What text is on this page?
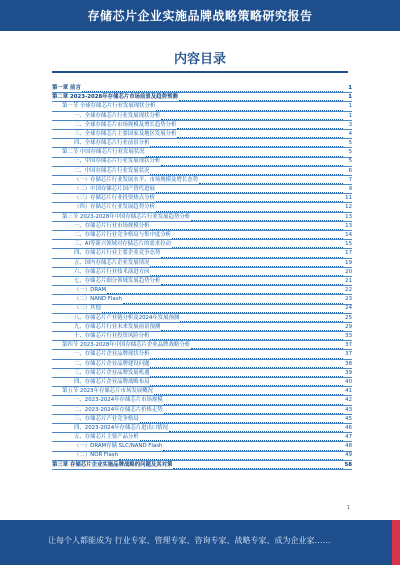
存储芯片企业实施品牌战略策略研究报告
内容目录
第一章 前言	1
第二章 2023-2028年存储芯片市场前景及趋势预测	1
第一节 全球存储芯片行业发展现状分析	1
一、全球存储芯片行业发展现状分析	1
二、全球存储芯片市场规模及增长趋势分析	3
三、全球存储芯片主要国家及地区发展分析	4
四、全球存储芯片行业前景分析	5
第二节 中国存储芯片行业发展状况	5
一、中国存储芯片行业发展现状分析	5
二、中国存储芯片行业发展状况	6
（一）存储芯片行业发展水平、市场规模及增长态势	7
（二）中国存储芯片国产替代进展	9
（三）存储芯片行业投资热点分析	11
（四）存储芯片行业发展趋势分析	12
第三节 2023-2028年中国存储芯片行业发展趋势分析	13
一、存储芯片行业市场规模分析	13
二、存储芯片行业竞争格局与集中度分析	14
三、AI等新兴领域对存储芯片的需求拉动	15
四、存储芯片行业主要企业竞争态势	17
五、国内存储芯片企业发展情况	19
六、存储芯片行业技术演进方向	20
七、存储芯片细分领域发展趋势分析	21
（一）DRAM	22
（二）NAND Flash	23
（三）其他	24
八、存储芯片产业链分析及2024年发展预测	25
九、存储芯片行业未来发展前景预测	29
十、存储芯片行业投资风险分析	33
第四节 2023-2028年中国存储芯片企业品牌战略分析	37
一、存储芯片企业品牌现状分析	37
二、存储芯片企业品牌建设问题	38
三、存储芯片企业品牌发展机遇	39
四、存储芯片企业品牌战略布局	40
第五节 2023年存储芯片市场发展概况	41
一、2023-2024年存储芯片市场规模	42
二、2023-2024年存储芯片价格走势	43
三、存储芯片产业竞争格局	45
四、2023-2024年存储芯片进出口情况	46
五、存储芯片主要产品分析	47
（一）DRAM存储 SLC/NAND Flash	48
（二）NOR Flash	49
第三章 存储芯片企业实施品牌战略的问题及其对策	58
1
让每个人都能成为 行业专家、管理专家、咨询专家、战略专家、成为企业家……
